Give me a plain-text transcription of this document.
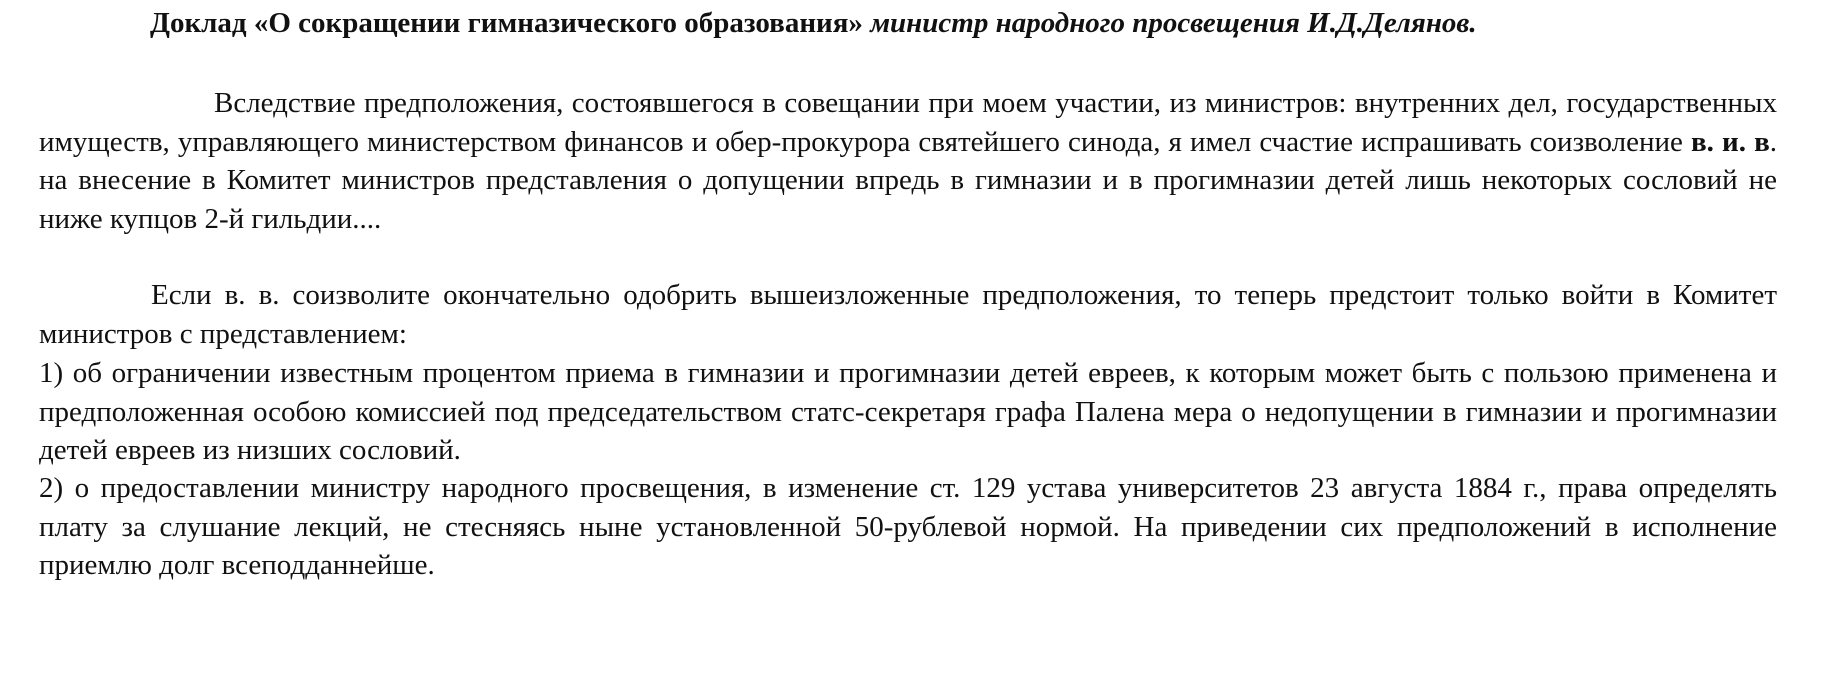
Доклад «О сокращении гимназического образования» министр народного просвещения И.Д.Делянов.

Вследствие предположения, состоявшегося в совещании при моем участии, из министров: внутренних дел, государственных имуществ, управляющего министерством финансов и обер-прокурора святейшего синода, я имел счастие испрашивать соизволение в. и. в. на внесение в Комитет министров представления о допущении впредь в гимназии и в прогимназии детей лишь некоторых сословий не ниже купцов 2-й гильдии....

Если в. в. соизволите окончательно одобрить вышеизложенные предположения, то теперь предстоит только войти в Комитет министров с представлением:

1) об ограничении известным процентом приема в гимназии и прогимназии детей евреев, к которым может быть с пользою применена и предположенная особою комиссией под председательством статс-секретаря графа Палена мера о недопущении в гимназии и прогимназии детей евреев из низших сословий.

2) о предоставлении министру народного просвещения, в изменение ст. 129 устава университетов 23 августа 1884 г., права определять плату за слушание лекций, не стесняясь ныне установленной 50-рублевой нормой. На приведении сих предположений в исполнение приемлю долг всеподданнейше.
